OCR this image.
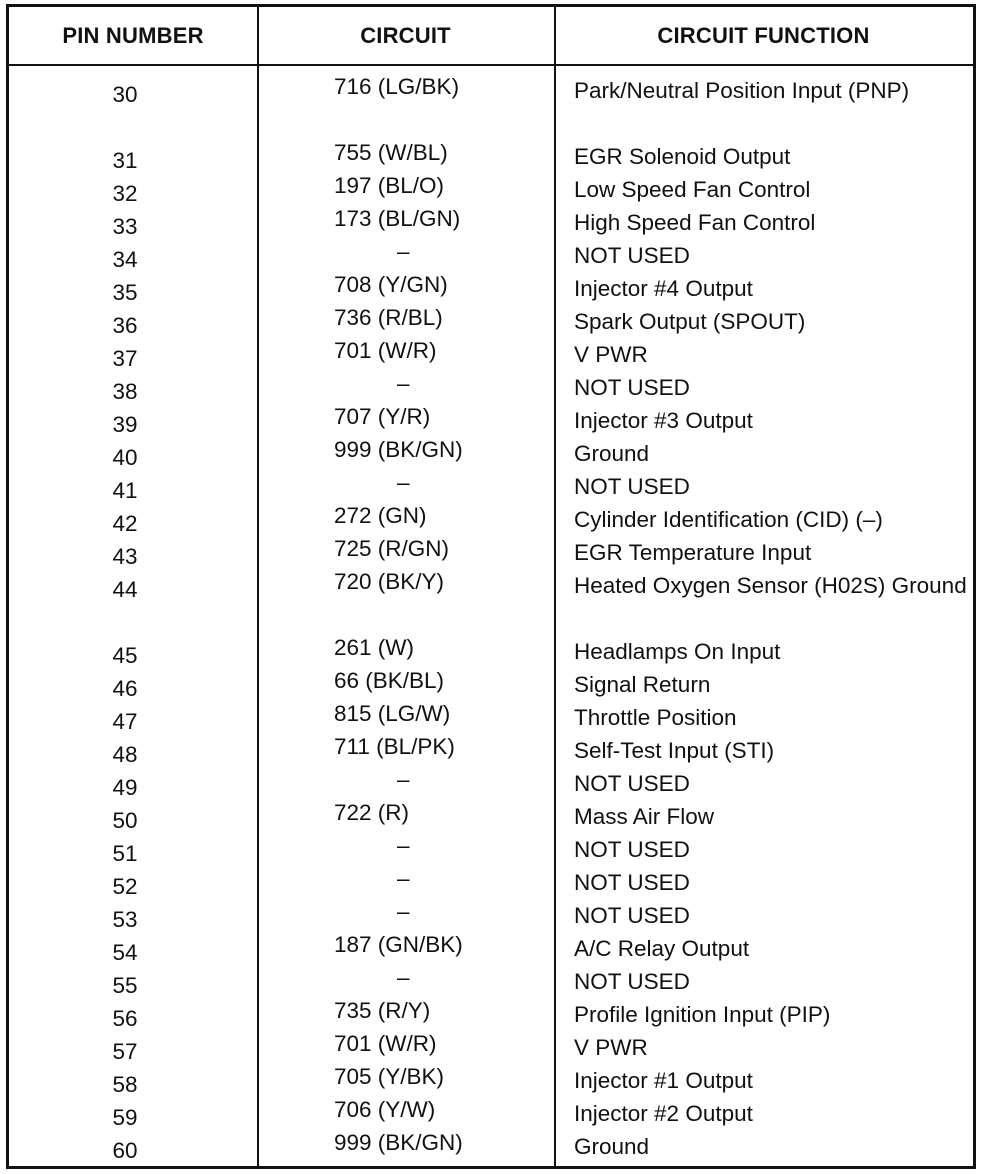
PIN NUMBER	CIRCUIT	CIRCUIT FUNCTION
30	716 (LG/BK)	Park/Neutral Position Input (PNP)
31	755 (W/BL)	EGR Solenoid Output
32	197 (BL/O)	Low Speed Fan Control
33	173 (BL/GN)	High Speed Fan Control
34	–	NOT USED
35	708 (Y/GN)	Injector #4 Output
36	736 (R/BL)	Spark Output (SPOUT)
37	701 (W/R)	V PWR
38	–	NOT USED
39	707 (Y/R)	Injector #3 Output
40	999 (BK/GN)	Ground
41	–	NOT USED
42	272 (GN)	Cylinder Identification (CID) (–)
43	725 (R/GN)	EGR Temperature Input
44	720 (BK/Y)	Heated Oxygen Sensor (H02S) Ground
45	261 (W)	Headlamps On Input
46	66 (BK/BL)	Signal Return
47	815 (LG/W)	Throttle Position
48	711 (BL/PK)	Self-Test Input (STI)
49	–	NOT USED
50	722 (R)	Mass Air Flow
51	–	NOT USED
52	–	NOT USED
53	–	NOT USED
54	187 (GN/BK)	A/C Relay Output
55	–	NOT USED
56	735 (R/Y)	Profile Ignition Input (PIP)
57	701 (W/R)	V PWR
58	705 (Y/BK)	Injector #1 Output
59	706 (Y/W)	Injector #2 Output
60	999 (BK/GN)	Ground
